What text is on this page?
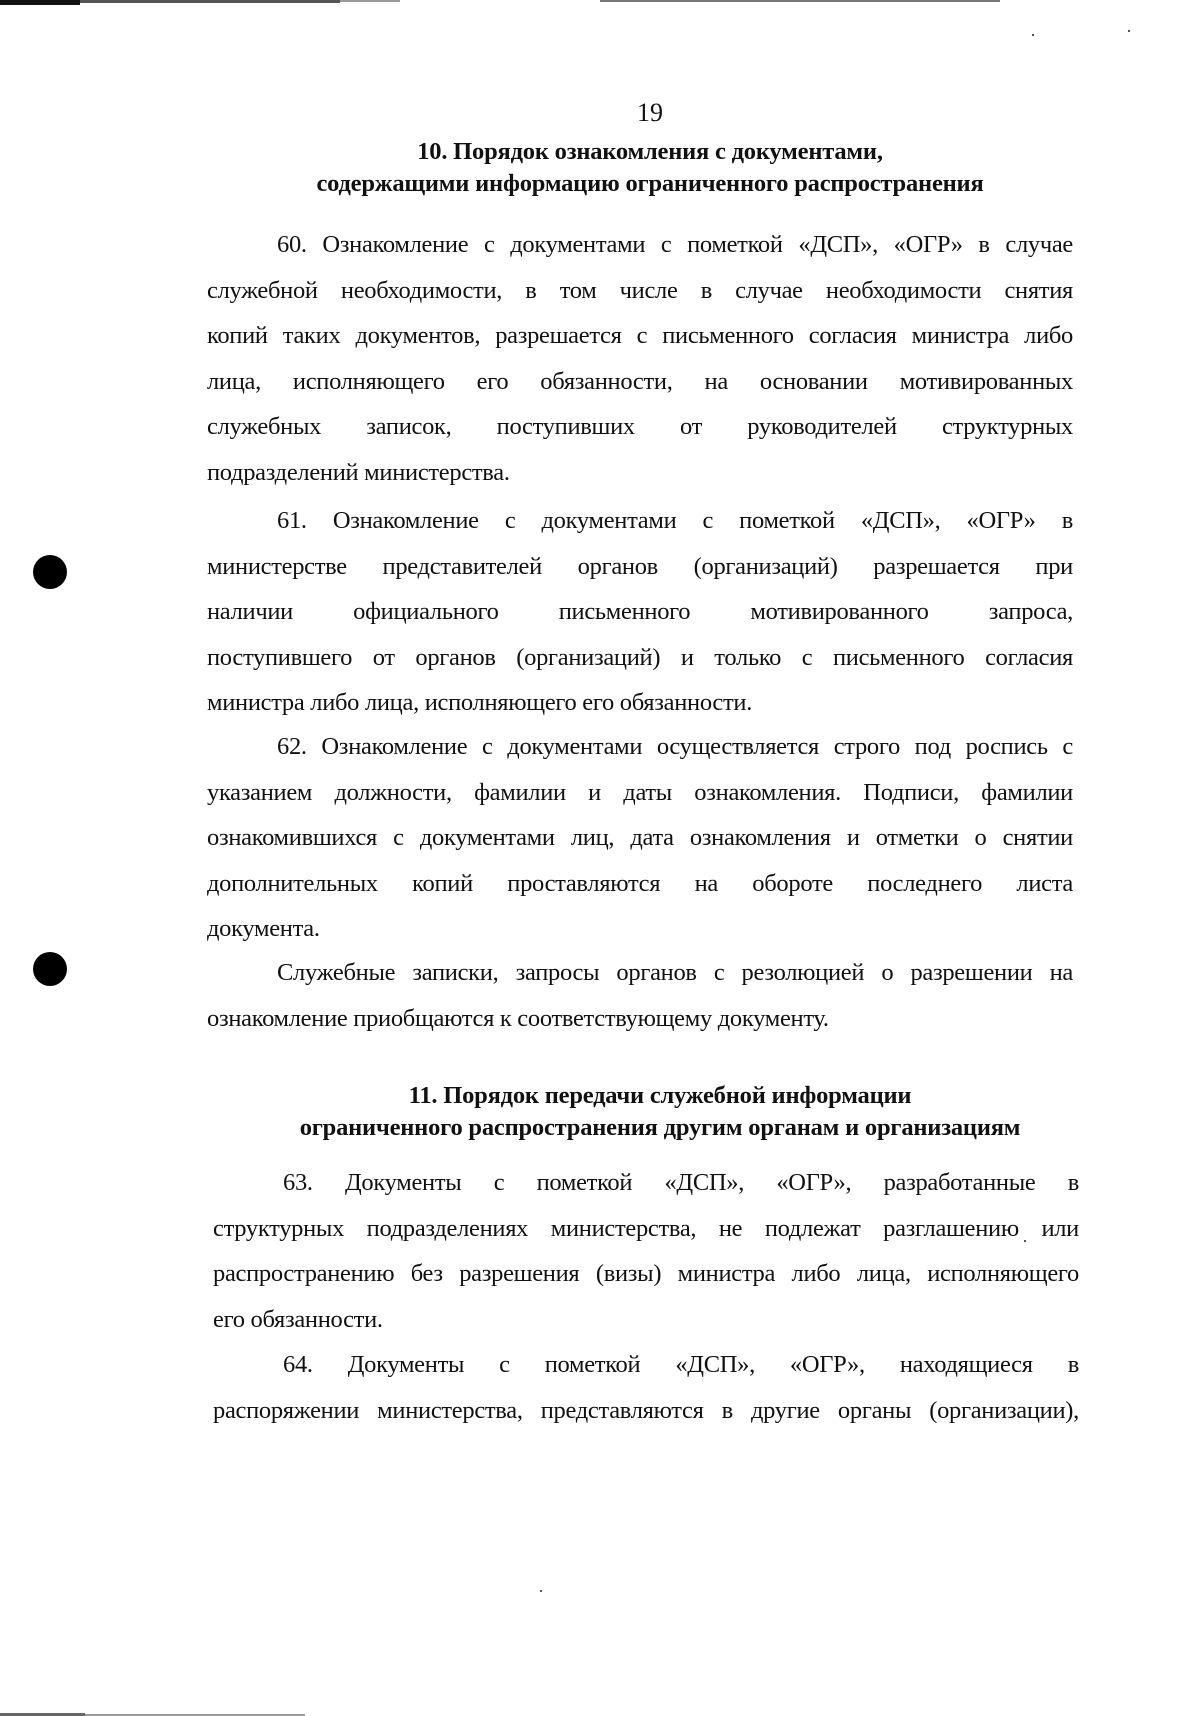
19
10. Порядок ознакомления с документами,
содержащими информацию ограниченного распространения
60. Ознакомление с документами с пометкой «ДСП», «ОГР» в случае
служебной необходимости, в том числе в случае необходимости снятия
копий таких документов, разрешается с письменного согласия министра либо
лица, исполняющего его обязанности, на основании мотивированных
служебных записок, поступивших от руководителей структурных
подразделений министерства.
61. Ознакомление с документами с пометкой «ДСП», «ОГР» в
министерстве представителей органов (организаций) разрешается при
наличии официального письменного мотивированного запроса,
поступившего от органов (организаций) и только с письменного согласия
министра либо лица, исполняющего его обязанности.
62. Ознакомление с документами осуществляется строго под роспись с
указанием должности, фамилии и даты ознакомления. Подписи, фамилии
ознакомившихся с документами лиц, дата ознакомления и отметки о снятии
дополнительных копий проставляются на обороте последнего листа
документа.
Служебные записки, запросы органов с резолюцией о разрешении на
ознакомление приобщаются к соответствующему документу.
11. Порядок передачи служебной информации
ограниченного распространения другим органам и организациям
63. Документы с пометкой «ДСП», «ОГР», разработанные в
структурных подразделениях министерства, не подлежат разглашению или
распространению без разрешения (визы) министра либо лица, исполняющего
его обязанности.
64. Документы с пометкой «ДСП», «ОГР», находящиеся в
распоряжении министерства, представляются в другие органы (организации),
